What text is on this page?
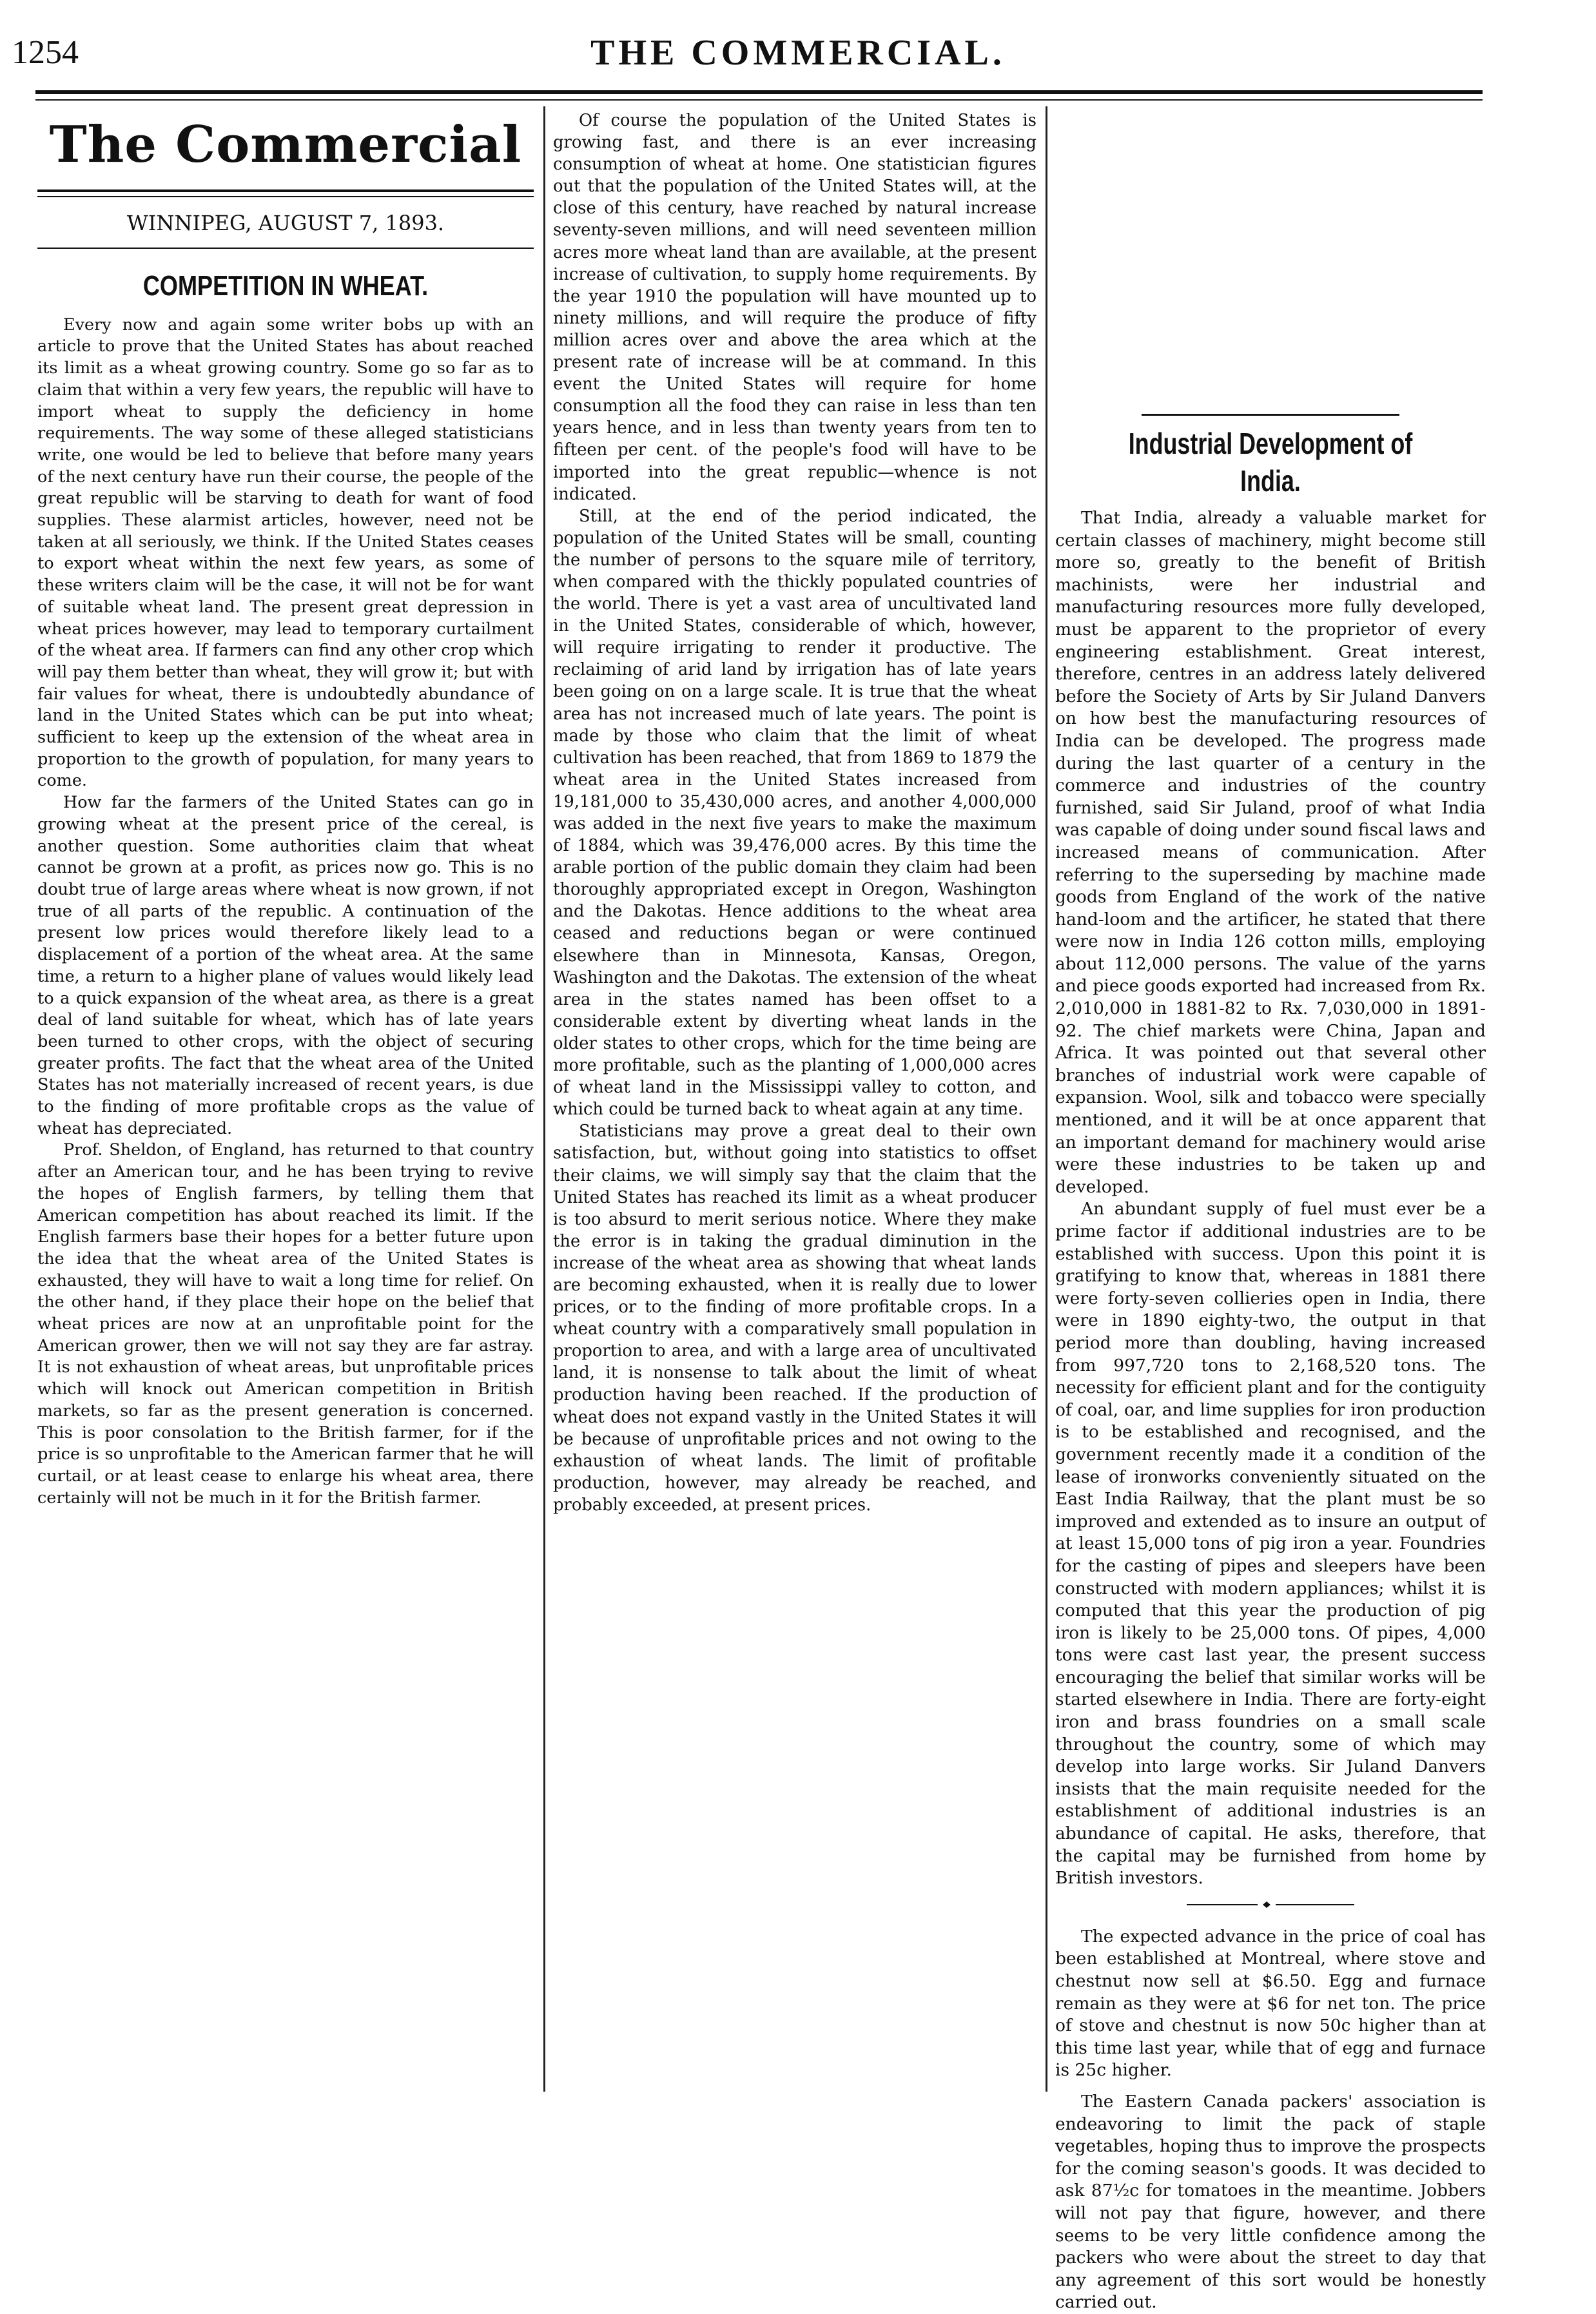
1254	THE COMMERCIAL.
The Commercial
WINNIPEG, AUGUST 7, 1893.
COMPETITION IN WHEAT.

Every now and again some writer bobs up with an article to prove that the United States has about reached its limit as a wheat growing country. Some go so far as to claim that within a very few years, the republic will have to import wheat to supply the deficiency in home requirements. The way some of these alleged statisticians write, one would be led to believe that before many years of the next century have run their course, the people of the great republic will be starving to death for want of food supplies. These alarmist articles, however, need not be taken at all seriously, we think. If the United States ceases to export wheat within the next few years, as some of these writers claim will be the case, it will not be for want of suitable wheat land. The present great depression in wheat prices however, may lead to temporary curtailment of the wheat area. If farmers can find any other crop which will pay them better than wheat, they will grow it; but with fair values for wheat, there is undoubtedly abundance of land in the United States which can be put into wheat; sufficient to keep up the extension of the wheat area in proportion to the growth of population, for many years to come.

How far the farmers of the United States can go in growing wheat at the present price of the cereal, is another question. Some authorities claim that wheat cannot be grown at a profit, as prices now go. This is no doubt true of large areas where wheat is now grown, if not true of all parts of the republic. A continuation of the present low prices would therefore likely lead to a displacement of a portion of the wheat area. At the same time, a return to a higher plane of values would likely lead to a quick expansion of the wheat area, as there is a great deal of land suitable for wheat, which has of late years been turned to other crops, with the object of securing greater profits. The fact that the wheat area of the United States has not materially increased of recent years, is due to the finding of more profitable crops as the value of wheat has depreciated.

Prof. Sheldon, of England, has returned to that country after an American tour, and he has been trying to revive the hopes of English farmers, by telling them that American competition has about reached its limit. If the English farmers base their hopes for a better future upon the idea that the wheat area of the United States is exhausted, they will have to wait a long time for relief. On the other hand, if they place their hope on the belief that wheat prices are now at an unprofitable point for the American grower, then we will not say they are far astray. It is not exhaustion of wheat areas, but unprofitable prices which will knock out American competition in British markets, so far as the present generation is concerned. This is poor consolation to the British farmer, for if the price is so unprofitable to the American farmer that he will curtail, or at least cease to enlarge his wheat area, there certainly will not be much in it for the British farmer.

Of course the population of the United States is growing fast, and there is an ever increasing consumption of wheat at home. One statistician figures out that the population of the United States will, at the close of this century, have reached by natural increase seventy-seven millions, and will need seventeen million acres more wheat land than are available, at the present increase of cultivation, to supply home requirements. By the year 1910 the population will have mounted up to ninety millions, and will require the produce of fifty million acres over and above the area which at the present rate of increase will be at command. In this event the United States will require for home consumption all the food they can raise in less than ten years hence, and in less than twenty years from ten to fifteen per cent. of the people's food will have to be imported into the great republic—whence is not indicated.

Still, at the end of the period indicated, the population of the United States will be small, counting the number of persons to the square mile of territory, when compared with the thickly populated countries of the world. There is yet a vast area of uncultivated land in the United States, considerable of which, however, will require irrigating to render it productive. The reclaiming of arid land by irrigation has of late years been going on on a large scale. It is true that the wheat area has not increased much of late years. The point is made by those who claim that the limit of wheat cultivation has been reached, that from 1869 to 1879 the wheat area in the United States increased from 19,181,000 to 35,430,000 acres, and another 4,000,000 was added in the next five years to make the maximum of 1884, which was 39,476,000 acres. By this time the arable portion of the public domain they claim had been thoroughly appropriated except in Oregon, Washington and the Dakotas. Hence additions to the wheat area ceased and reductions began or were continued elsewhere than in Minnesota, Kansas, Oregon, Washington and the Dakotas. The extension of the wheat area in the states named has been offset to a considerable extent by diverting wheat lands in the older states to other crops, which for the time being are more profitable, such as the planting of 1,000,000 acres of wheat land in the Mississippi valley to cotton, and which could be turned back to wheat again at any time.

Statisticians may prove a great deal to their own satisfaction, but, without going into statistics to offset their claims, we will simply say that the claim that the United States has reached its limit as a wheat producer is too absurd to merit serious notice. Where they make the error is in taking the gradual diminution in the increase of the wheat area as showing that wheat lands are becoming exhausted, when it is really due to lower prices, or to the finding of more profitable crops. In a wheat country with a comparatively small population in proportion to area, and with a large area of uncultivated land, it is nonsense to talk about the limit of wheat production having been reached. If the production of wheat does not expand vastly in the United States it will be because of unprofitable prices and not owing to the exhaustion of wheat lands. The limit of profitable production, however, may already be reached, and probably exceeded, at present prices.

Industrial Development of India.

That India, already a valuable market for certain classes of machinery, might become still more so, greatly to the benefit of British machinists, were her industrial and manufacturing resources more fully developed, must be apparent to the proprietor of every engineering establishment. Great interest, therefore, centres in an address lately delivered before the Society of Arts by Sir Juland Danvers on how best the manufacturing resources of India can be developed. The progress made during the last quarter of a century in the commerce and industries of the country furnished, said Sir Juland, proof of what India was capable of doing under sound fiscal laws and increased means of communication. After referring to the superseding by machine made goods from England of the work of the native hand-loom and the artificer, he stated that there were now in India 126 cotton mills, employing about 112,000 persons. The value of the yarns and piece goods exported had increased from Rx. 2,010,000 in 1881-82 to Rx. 7,030,000 in 1891-92. The chief markets were China, Japan and Africa. It was pointed out that several other branches of industrial work were capable of expansion. Wool, silk and tobacco were specially mentioned, and it will be at once apparent that an important demand for machinery would arise were these industries to be taken up and developed.

An abundant supply of fuel must ever be a prime factor if additional industries are to be established with success. Upon this point it is gratifying to know that, whereas in 1881 there were forty-seven collieries open in India, there were in 1890 eighty-two, the output in that period more than doubling, having increased from 997,720 tons to 2,168,520 tons. The necessity for efficient plant and for the contiguity of coal, oar, and lime supplies for iron production is to be established and recognised, and the government recently made it a condition of the lease of ironworks conveniently situated on the East India Railway, that the plant must be so improved and extended as to insure an output of at least 15,000 tons of pig iron a year. Foundries for the casting of pipes and sleepers have been constructed with modern appliances; whilst it is computed that this year the production of pig iron is likely to be 25,000 tons. Of pipes, 4,000 tons were cast last year, the present success encouraging the belief that similar works will be started elsewhere in India. There are forty-eight iron and brass foundries on a small scale throughout the country, some of which may develop into large works. Sir Juland Danvers insists that the main requisite needed for the establishment of additional industries is an abundance of capital. He asks, therefore, that the capital may be furnished from home by British investors.

The expected advance in the price of coal has been established at Montreal, where stove and chestnut now sell at $6.50. Egg and furnace remain as they were at $6 for net ton. The price of stove and chestnut is now 50c higher than at this time last year, while that of egg and furnace is 25c higher.

The Eastern Canada packers' association is endeavoring to limit the pack of staple vegetables, hoping thus to improve the prospects for the coming season's goods. It was decided to ask 87½c for tomatoes in the meantime. Jobbers will not pay that figure, however, and there seems to be very little confidence among the packers who were about the street to day that any agreement of this sort would be honestly carried out.
